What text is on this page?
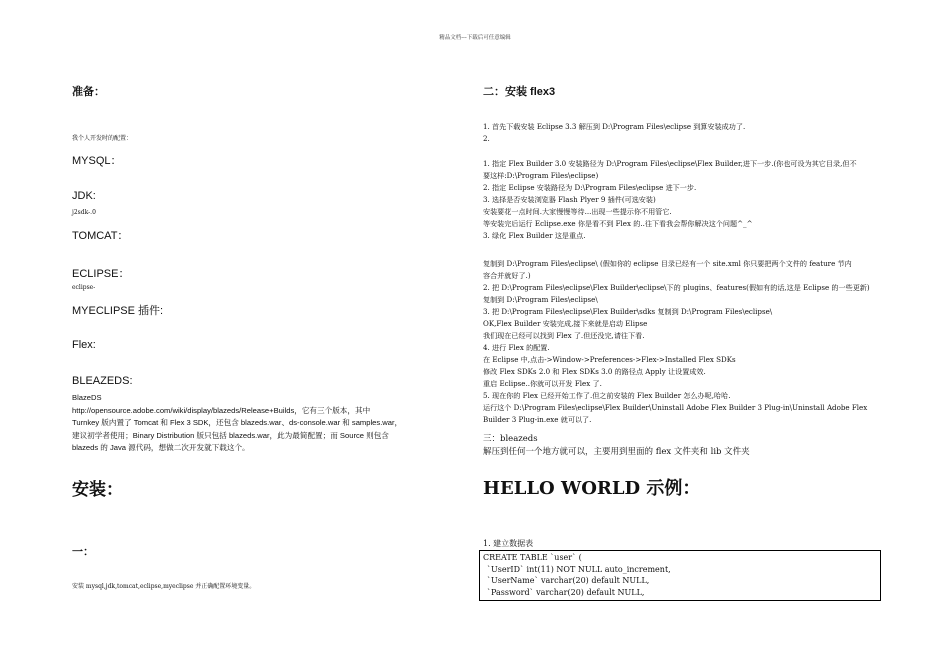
精品文档---下载后可任意编辑
准备：
我个人开发时的配置：
MYSQL：
JDK:
j2sdk-.0
TOMCAT：
ECLIPSE：
eclipse-
MYECLIPSE 插件:
Flex:
BLEAZEDS:
BlazeDS
http://opensource.adobe.com/wiki/display/blazeds/Release+Builds，它有三个版本，其中
Turnkey 版内置了 Tomcat 和 Flex 3 SDK，还包含 blazeds.war、ds-console.war 和 samples.war，
建议初学者使用；Binary Distribution 版只包括 blazeds.war，此为最简配置；而 Source 则包含
blazeds 的 Java 源代码，想做二次开发就下载这个。
安装：
一：
安装 mysql,jdk,tomcat,eclipse,myeclipse 并正确配置环境变量。
二：安装 flex3
1. 首先下载安装 Eclipse 3.3 解压到 D:\Program Files\eclipse 到算安装成功了.
2.
1. 指定 Flex Builder 3.0 安装路径为 D:\Program Files\eclipse\Flex Builder,进下一步.(你也可设为其它目录,但不
要这样:D:\Program Files\eclipse)
2. 指定 Eclipse 安装路径为 D:\Program Files\eclipse 进下一步.
3. 选择是否安装浏览器 Flash Plyer 9 插件(可选安装)
安装要花一点时间.大家慢慢等待...出现一些提示你不用管它.
等安装完后运行 Eclipse.exe 你是看不到 Flex 的..往下看我会帮你解决这个问题^_^
3. 绿化 Flex Builder 这是重点.
复制到 D:\Program Files\eclipse\ (假如你的 eclipse 目录已经有一个 site.xml 你只要把两个文件的 feature 节内
容合并就好了.)
2. 把 D:\Program Files\eclipse\Flex Builder\eclipse\下的 plugins、features(假如有的话,这是 Eclipse 的一些更新)
复制到 D:\Program Files\eclipse\
3. 把 D:\Program Files\eclipse\Flex Builder\sdks 复制到 D:\Program Files\eclipse\
OK,Flex Builder 安装完成,接下来就是启动 Elipse
我们现在已经可以找到 Flex 了.但还没完,请往下看.
4. 进行 Flex 的配置.
在 Eclipse 中,点击->Window->Preferences->Flex->Installed Flex SDKs
修改 Flex SDKs 2.0 和 Flex SDKs 3.0 的路径点 Apply 让设置成效.
重启 Eclipse..你就可以开发 Flex 了.
5. 现在你的 Flex 已经开始工作了.但之前安装的 Flex Builder 怎么办呢,哈哈.
运行这个 D:\Program Files\eclipse\Flex Builder\Uninstall Adobe Flex Builder 3 Plug-in\Uninstall Adobe Flex
Builder 3 Plug-in.exe 就可以了.
三：bleazeds
解压到任何一个地方就可以，主要用到里面的 flex 文件夹和 lib 文件夹
HELLO WORLD 示例：
1. 建立数据表
CREATE TABLE `user` (
`UserID` int(11) NOT NULL auto_increment,
`UserName` varchar(20) default NULL,
`Password` varchar(20) default NULL,
